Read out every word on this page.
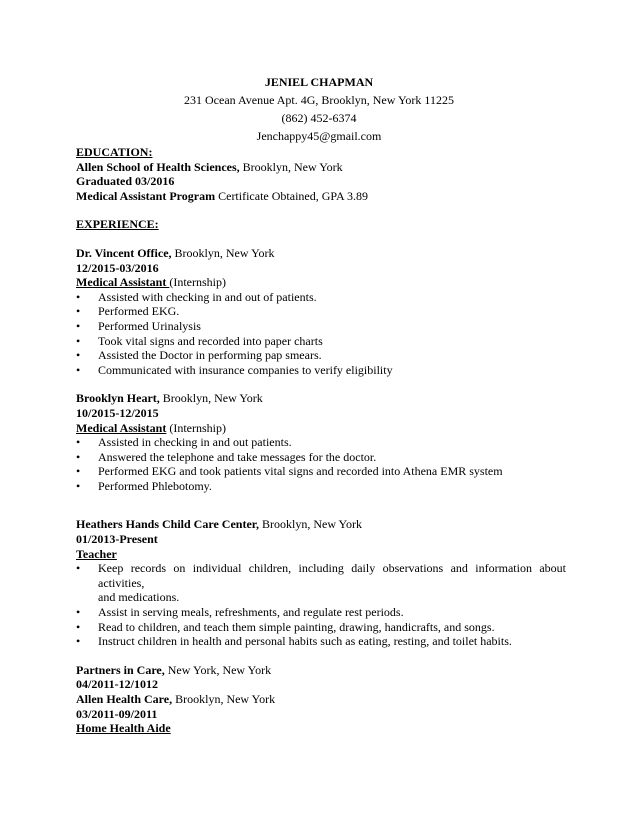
JENIEL CHAPMAN
231 Ocean Avenue Apt. 4G, Brooklyn, New York 11225
(862) 452-6374
Jenchappy45@gmail.com
EDUCATION:
Allen School of Health Sciences, Brooklyn, New York
Graduated 03/2016
Medical Assistant Program Certificate Obtained, GPA 3.89
EXPERIENCE:
Dr. Vincent Office, Brooklyn, New York
12/2015-03/2016
Medical Assistant (Internship)
• Assisted with checking in and out of patients.
• Performed EKG.
• Performed Urinalysis
• Took vital signs and recorded into paper charts
• Assisted the Doctor in performing pap smears.
• Communicated with insurance companies to verify eligibility
Brooklyn Heart, Brooklyn, New York
10/2015-12/2015
Medical Assistant (Internship)
• Assisted in checking in and out patients.
• Answered the telephone and take messages for the doctor.
• Performed EKG and took patients vital signs and recorded into Athena EMR system
• Performed Phlebotomy.
Heathers Hands Child Care Center, Brooklyn, New York
01/2013-Present
Teacher
• Keep records on individual children, including daily observations and information about activities,
and medications.
• Assist in serving meals, refreshments, and regulate rest periods.
• Read to children, and teach them simple painting, drawing, handicrafts, and songs.
• Instruct children in health and personal habits such as eating, resting, and toilet habits.
Partners in Care, New York, New York
04/2011-12/1012
Allen Health Care, Brooklyn, New York
03/2011-09/2011
Home Health Aide
